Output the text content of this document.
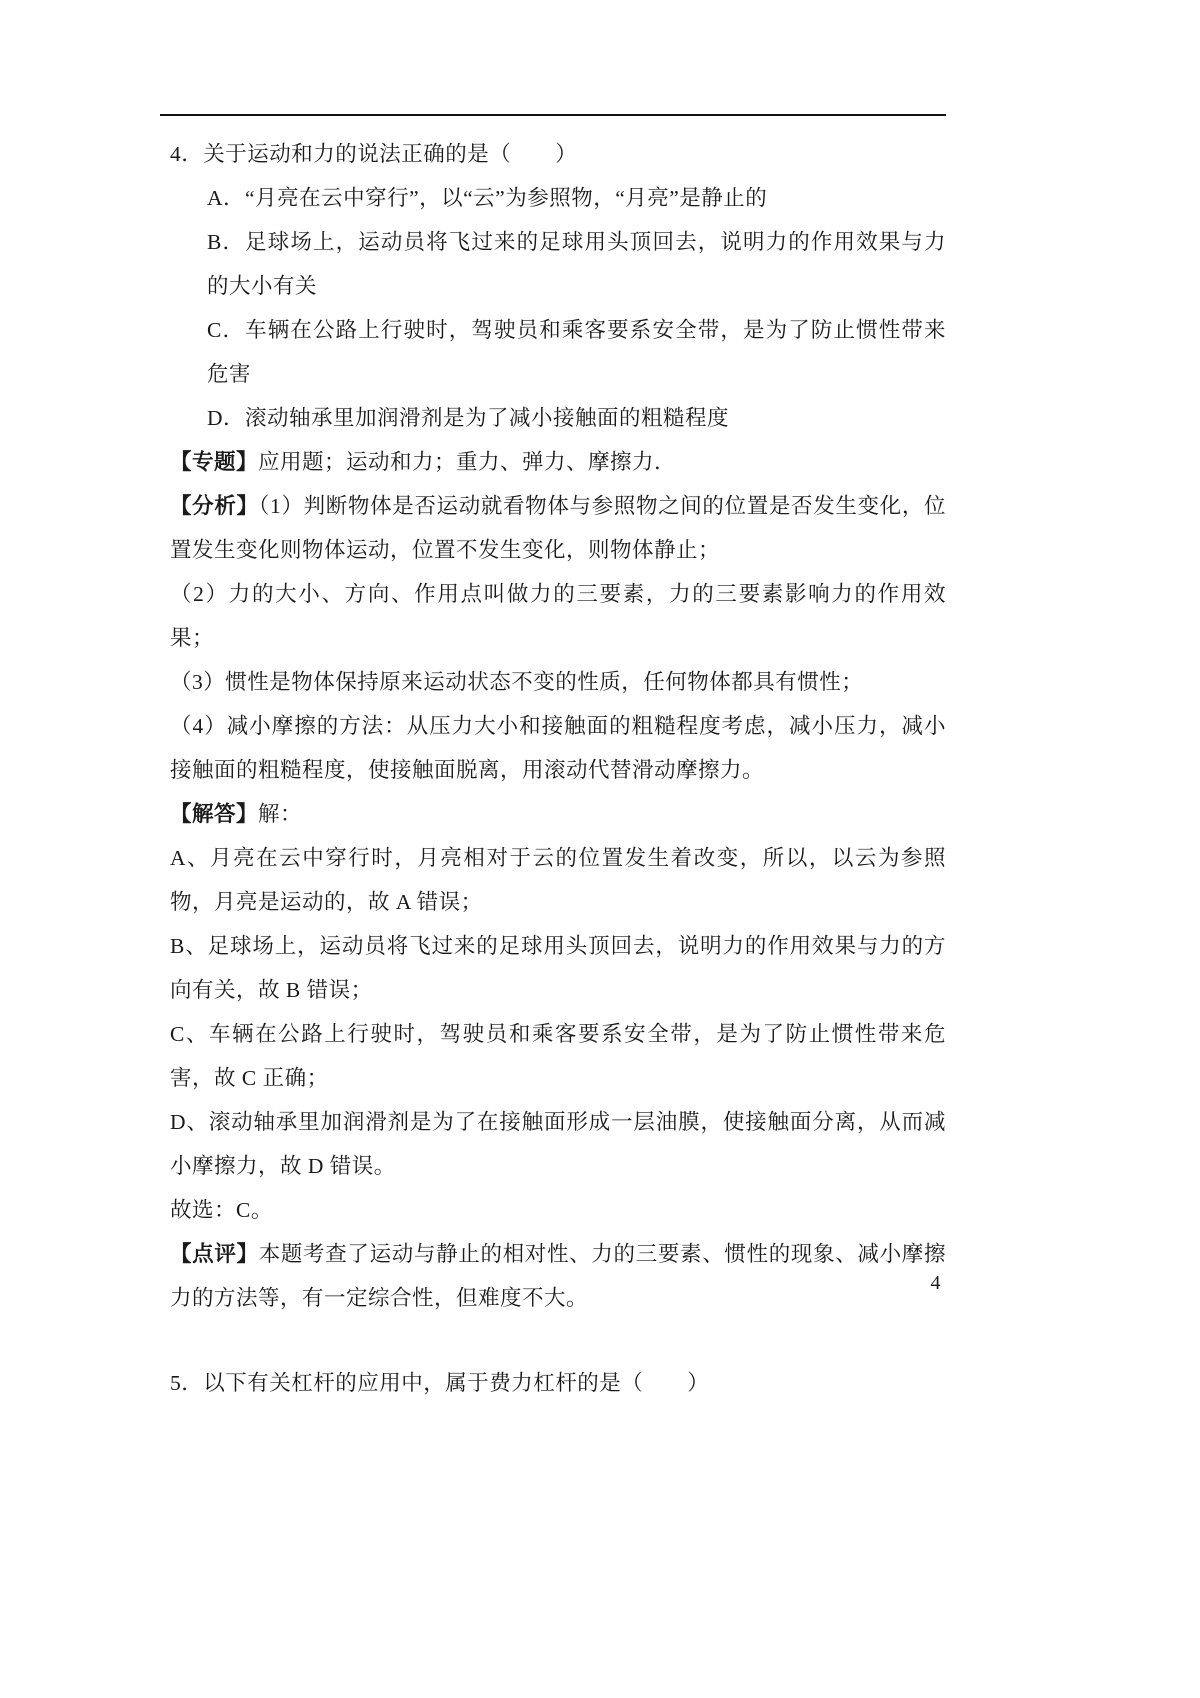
4．关于运动和力的说法正确的是（　　）

A．“月亮在云中穿行”，以“云”为参照物，“月亮”是静止的

B．足球场上，运动员将飞过来的足球用头顶回去，说明力的作用效果与力的大小有关

C．车辆在公路上行驶时，驾驶员和乘客要系安全带，是为了防止惯性带来危害

D．滚动轴承里加润滑剂是为了减小接触面的粗糙程度

【专题】应用题；运动和力；重力、弹力、摩擦力．

【分析】（1）判断物体是否运动就看物体与参照物之间的位置是否发生变化，位置发生变化则物体运动，位置不发生变化，则物体静止；

（2）力的大小、方向、作用点叫做力的三要素，力的三要素影响力的作用效果；

（3）惯性是物体保持原来运动状态不变的性质，任何物体都具有惯性；

（4）减小摩擦的方法：从压力大小和接触面的粗糙程度考虑，减小压力，减小接触面的粗糙程度，使接触面脱离，用滚动代替滑动摩擦力。

【解答】解：

A、月亮在云中穿行时，月亮相对于云的位置发生着改变，所以，以云为参照物，月亮是运动的，故 A 错误；

B、足球场上，运动员将飞过来的足球用头顶回去，说明力的作用效果与力的方向有关，故 B 错误；

C、车辆在公路上行驶时，驾驶员和乘客要系安全带，是为了防止惯性带来危害，故 C 正确；

D、滚动轴承里加润滑剂是为了在接触面形成一层油膜，使接触面分离，从而减小摩擦力，故 D 错误。

故选：C。

【点评】本题考查了运动与静止的相对性、力的三要素、惯性的现象、减小摩擦力的方法等，有一定综合性，但难度不大。

5．以下有关杠杆的应用中，属于费力杠杆的是（　　）

4
